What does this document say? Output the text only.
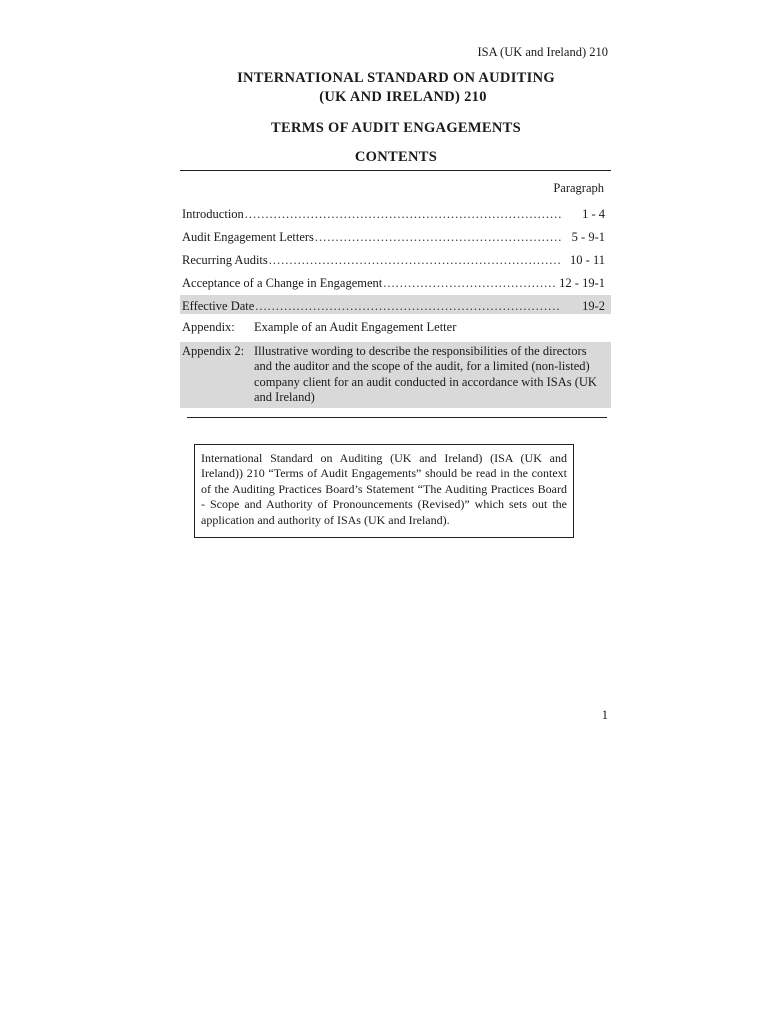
ISA (UK and Ireland) 210
INTERNATIONAL STANDARD ON AUDITING
(UK AND IRELAND) 210
TERMS OF AUDIT ENGAGEMENTS
CONTENTS
Paragraph
Introduction .....	1 - 4
Audit Engagement Letters .....	5 - 9-1
Recurring Audits .....	10 - 11
Acceptance of a Change in Engagement .....	12 - 19-1
Effective Date .....	19-2
Appendix:	Example of an Audit Engagement Letter
Appendix 2: Illustrative wording to describe the responsibilities of the directors and the auditor and the scope of the audit, for a limited (non-listed) company client for an audit conducted in accordance with ISAs (UK and Ireland)
International Standard on Auditing (UK and Ireland) (ISA (UK and Ireland)) 210 “Terms of Audit Engagements” should be read in the context of the Auditing Practices Board’s Statement “The Auditing Practices Board - Scope and Authority of Pronouncements (Revised)” which sets out the application and authority of ISAs (UK and Ireland).
1
